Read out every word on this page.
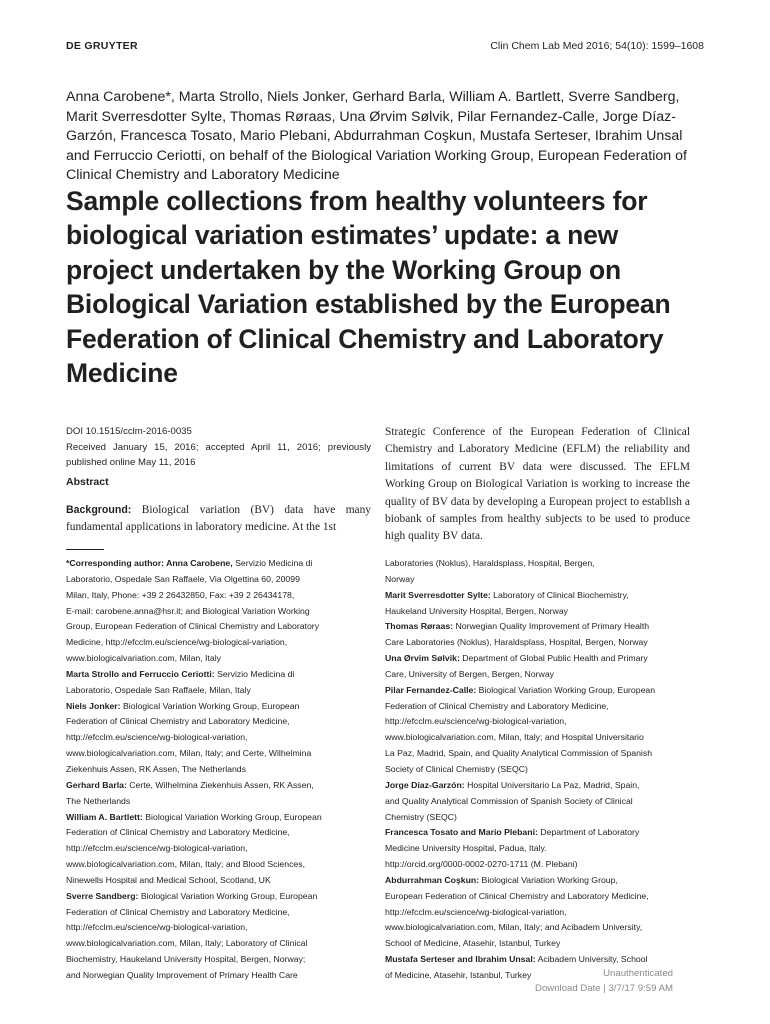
DE GRUYTER	Clin Chem Lab Med 2016; 54(10): 1599–1608
Anna Carobene*, Marta Strollo, Niels Jonker, Gerhard Barla, William A. Bartlett, Sverre Sandberg, Marit Sverresdotter Sylte, Thomas Røraas, Una Ørvim Sølvik, Pilar Fernandez-Calle, Jorge Díaz-Garzón, Francesca Tosato, Mario Plebani, Abdurrahman Coşkun, Mustafa Serteser, Ibrahim Unsal and Ferruccio Ceriotti, on behalf of the Biological Variation Working Group, European Federation of Clinical Chemistry and Laboratory Medicine
Sample collections from healthy volunteers for biological variation estimates’ update: a new project undertaken by the Working Group on Biological Variation established by the European Federation of Clinical Chemistry and Laboratory Medicine
DOI 10.1515/cclm-2016-0035
Received January 15, 2016; accepted April 11, 2016; previously published online May 11, 2016
Abstract
Background: Biological variation (BV) data have many fundamental applications in laboratory medicine. At the 1st
Strategic Conference of the European Federation of Clinical Chemistry and Laboratory Medicine (EFLM) the reliability and limitations of current BV data were discussed. The EFLM Working Group on Biological Variation is working to increase the quality of BV data by developing a European project to establish a biobank of samples from healthy subjects to be used to produce high quality BV data.
*Corresponding author: Anna Carobene, Servizio Medicina di
Laboratorio, Ospedale San Raffaele, Via Olgettina 60, 20099
Milan, Italy, Phone: +39 2 26432850, Fax: +39 2 26434178,
E-mail: carobene.anna@hsr.it; and Biological Variation Working
Group, European Federation of Clinical Chemistry and Laboratory
Medicine, http://efcclm.eu/science/wg-biological-variation,
www.biologicalvariation.com, Milan, Italy
Marta Strollo and Ferruccio Ceriotti: Servizio Medicina di
Laboratorio, Ospedale San Raffaele, Milan, Italy
Niels Jonker: Biological Variation Working Group, European
Federation of Clinical Chemistry and Laboratory Medicine,
http://efcclm.eu/science/wg-biological-variation,
www.biologicalvariation.com, Milan, Italy; and Certe, Wilhelmina
Ziekenhuis Assen, RK Assen, The Netherlands
Gerhard Barla: Certe, Wilhelmina Ziekenhuis Assen, RK Assen,
The Netherlands
William A. Bartlett: Biological Variation Working Group, European
Federation of Clinical Chemistry and Laboratory Medicine,
http://efcclm.eu/science/wg-biological-variation,
www.biologicalvariation.com, Milan, Italy; and Blood Sciences,
Ninewells Hospital and Medical School, Scotland, UK
Sverre Sandberg: Biological Variation Working Group, European
Federation of Clinical Chemistry and Laboratory Medicine,
http://efcclm.eu/science/wg-biological-variation,
www.biologicalvariation.com, Milan, Italy; Laboratory of Clinical
Biochemistry, Haukeland University Hospital, Bergen, Norway;
and Norwegian Quality Improvement of Primary Health Care
Laboratories (Noklus), Haraldsplass, Hospital, Bergen,
Norway
Marit Sverresdotter Sylte: Laboratory of Clinical Biochemistry,
Haukeland University Hospital, Bergen, Norway
Thomas Røraas: Norwegian Quality Improvement of Primary Health
Care Laboratories (Noklus), Haraldsplass, Hospital, Bergen, Norway
Una Ørvim Sølvik: Department of Global Public Health and Primary
Care, University of Bergen, Bergen, Norway
Pilar Fernandez-Calle: Biological Variation Working Group, European
Federation of Clinical Chemistry and Laboratory Medicine,
http://efcclm.eu/science/wg-biological-variation,
www.biologicalvariation.com, Milan, Italy; and Hospital Universitario
La Paz, Madrid, Spain, and Quality Analytical Commission of Spanish
Society of Clinical Chemistry (SEQC)
Jorge Díaz-Garzón: Hospital Universitario La Paz, Madrid, Spain,
and Quality Analytical Commission of Spanish Society of Clinical
Chemistry (SEQC)
Francesca Tosato and Mario Plebani: Department of Laboratory
Medicine University Hospital, Padua, Italy.
http://orcid.org/0000-0002-0270-1711 (M. Plebani)
Abdurrahman Coşkun: Biological Variation Working Group,
European Federation of Clinical Chemistry and Laboratory Medicine,
http://efcclm.eu/science/wg-biological-variation,
www.biologicalvariation.com, Milan, Italy; and Acibadem University,
School of Medicine, Atasehir, Istanbul, Turkey
Mustafa Serteser and Ibrahim Unsal: Acibadem University, School
of Medicine, Atasehir, Istanbul, Turkey	Unauthenticated
Download Date | 3/7/17 9:59 AM
